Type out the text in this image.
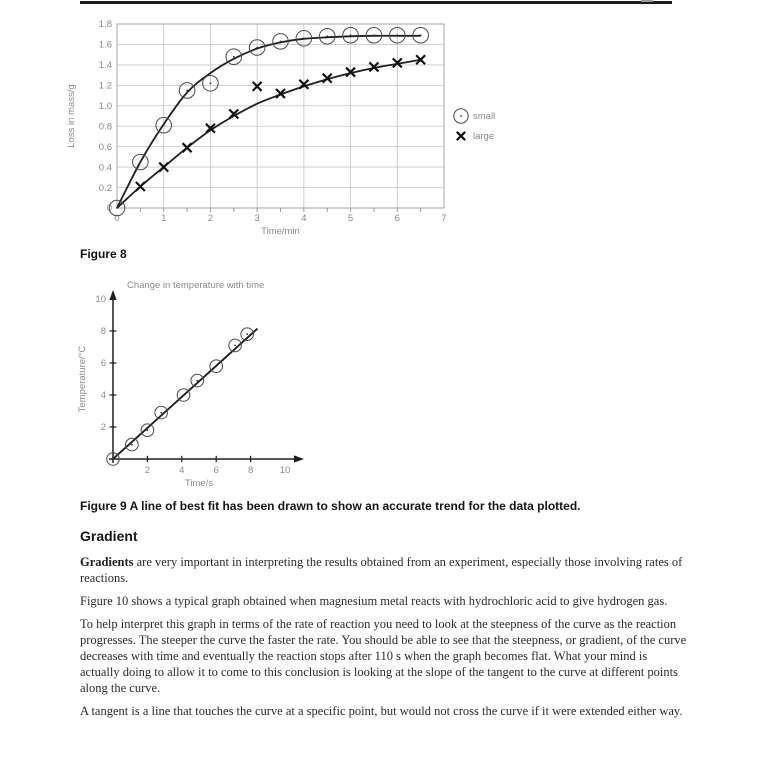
0
0.2
0.4
0.6
0.8
1.0
1.2
1.4
1.6
1.8
0	1	2	3	4	5	6	7
Time/min
Loss in mass/g	small
large
Figure 8
2	4	6	8	10
2
4
6
8
10
Change in temperature with time
Temperature/°C
Time/s
Figure 9 A line of best fit has been drawn to show an accurate trend for the data plotted.
Gradient

Gradients are very important in interpreting the results obtained from an experiment, especially those involving rates of reactions.

Figure 10 shows a typical graph obtained when magnesium metal reacts with hydrochloric acid to give hydrogen gas.

To help interpret this graph in terms of the rate of reaction you need to look at the steepness of the curve as the reaction progresses. The steeper the curve the faster the rate. You should be able to see that the steepness, or gradient, of the curve decreases with time and eventually the reaction stops after 110 s when the graph becomes flat. What your mind is actually doing to allow it to come to this conclusion is looking at the slope of the tangent to the curve at different points along the curve.

A tangent is a line that touches the curve at a specific point, but would not cross the curve if it were extended either way.
